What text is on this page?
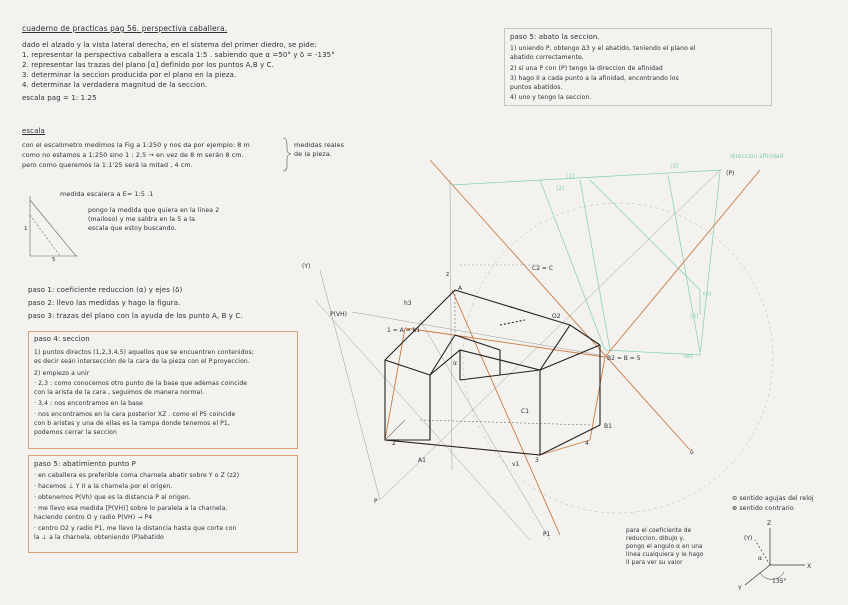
cuaderno de practicas pag 56. perspectiva caballera.
dado el alzado y la vista lateral derecha, en el sistema del primer diedro, se pide:
1. representar la perspectiva caballera a escala 1:5 . sabiendo que α =50° y δ = -135°
2. representar las trazas del plano [α] definido por los puntos A,B y C.
3. determinar la seccion producida por el plano en la pieza.
4. determinar la verdadera magnitud de la seccion.
escala pag = 1: 1.25
escala
con el escalimetro medimos la Fig a 1:250 y nos da por ejemplo: 8 m
como no estamos a 1:250 sino 1 : 2,5 → en vez de 8 m serán 8 cm.
pero como queremos la 1:1'25 será la mitad , 4 cm.
medidas reales
de la pieza.
medida escalera a E= 1:5 .1
pongo la medida que quiera en la linea 2
(mailoso) y me saldra en la 5 a la
escala que estoy buscando.
1
5
paso 1: coeficiente reduccion (α) y ejes (δ)
paso 2: llevo las medidas y hago la figura.
paso 3: trazas del plano con la ayuda de los punto A, B y C.
paso 4: seccion
1) puntos directos (1,2,3,4,5) aquellos que se encuentren contenidos;
es decir seán intersección de la cara de la pieza con el P.proyeccion.
2) empiezo a unir
· 2,3 : como conocemos otro punto de la base que ademas coincide
con la arista de la cara , seguimos de manera normal.
· 3,4 : nos encontramos en la base
· nos encontramos en la cara posterior XZ . como el P5 coincide
con b aristas y una de ellas es la rampa donde tenemos el P1,
podemos cerrar la seccion
paso 5: abatimiento punto P
· en caballera es preferible coma charnela abatir sobre Y o Z (z2)
· hacemos ⊥ Y II a la charnela por el origen.
· obtenemos P(Vh) que es la distancia P al origen.
· me llevo esa medida [P(VH)] sobre lo paralela a la charnela.
haciendo centro O y radio P(VH) → P4
· centro O2 y radio P1, me llevo la distancia hasta que corte con
la ⊥ a la charnela, obteniendo (P)abatido
paso 5: abato la seccion.
1) uniendo P, obtengo Δ3 y el abatido, teniendo el plano el
abatido correctamente.
2) si una P con (P) tengo la direccion de afinidad
3) hago II a cada punto a la afinidad, encontrando los
puntos abatidos.
4) uno y tengo la seccion.
⊖ sentido agujas del reloj
⊕ sentido contrario
para el coeficiente de
reduccion, dibujo y,
pongo el angulo α en una
linea cualquiera y le hago
II para ver su valor
direccion afinidad
(P)
P(VH)
(Y)
z
A
1 = A = b1
B2 = B = 5
3
4
2
A1
B1
C1
C2 = C
O2
h3
v1
(1)
(2)
(3)
(4)
(5)
(A)
P
P1
δ
α
X
Y
Z
(Y)
135°
α
